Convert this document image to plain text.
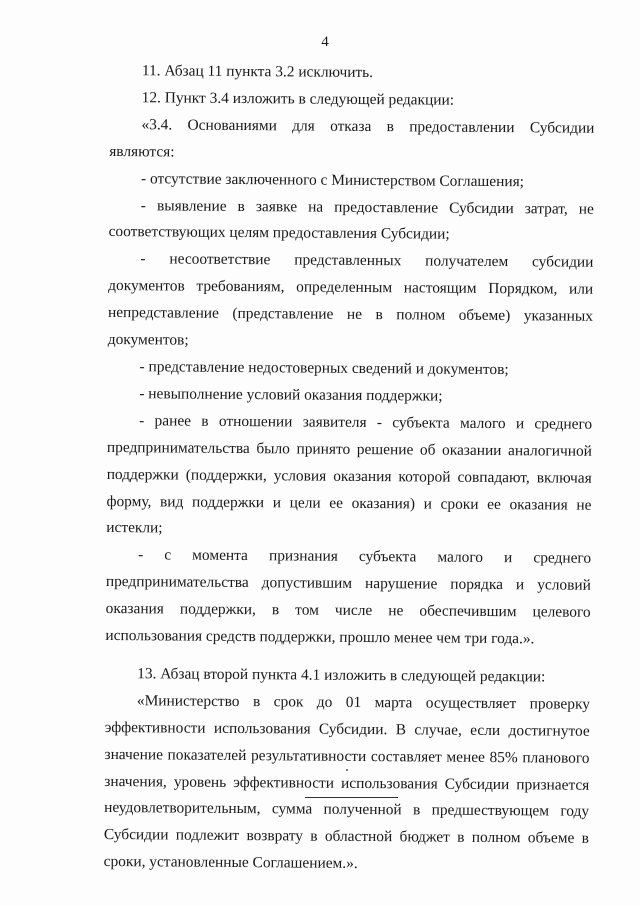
4

11. Абзац 11 пункта 3.2 исключить.

12. Пункт 3.4 изложить в следующей редакции:

«3.4. Основаниями для отказа в предоставлении Субсидии являются:

- отсутствие заключенного с Министерством Соглашения;

- выявление в заявке на предоставление Субсидии затрат, не соответствующих целям предоставления Субсидии;

- несоответствие представленных получателем субсидии документов требованиям, определенным настоящим Порядком, или непредставление (представление не в полном объеме) указанных документов;

- представление недостоверных сведений и документов;

- невыполнение условий оказания поддержки;

- ранее в отношении заявителя - субъекта малого и среднего предпринимательства было принято решение об оказании аналогичной поддержки (поддержки, условия оказания которой совпадают, включая форму, вид поддержки и цели ее оказания) и сроки ее оказания не истекли;

- с момента признания субъекта малого и среднего предпринимательства допустившим нарушение порядка и условий оказания поддержки, в том числе не обеспечившим целевого использования средств поддержки, прошло менее чем три года.».

13. Абзац второй пункта 4.1 изложить в следующей редакции:

«Министерство в срок до 01 марта осуществляет проверку эффективности использования Субсидии. В случае, если достигнутое значение показателей результативности составляет менее 85% планового значения, уровень эффективности использования Субсидии признается неудовлетворительным, сумма полученной в предшествующем году Субсидии подлежит возврату в областной бюджет в полном объеме в сроки, установленные Соглашением.».
